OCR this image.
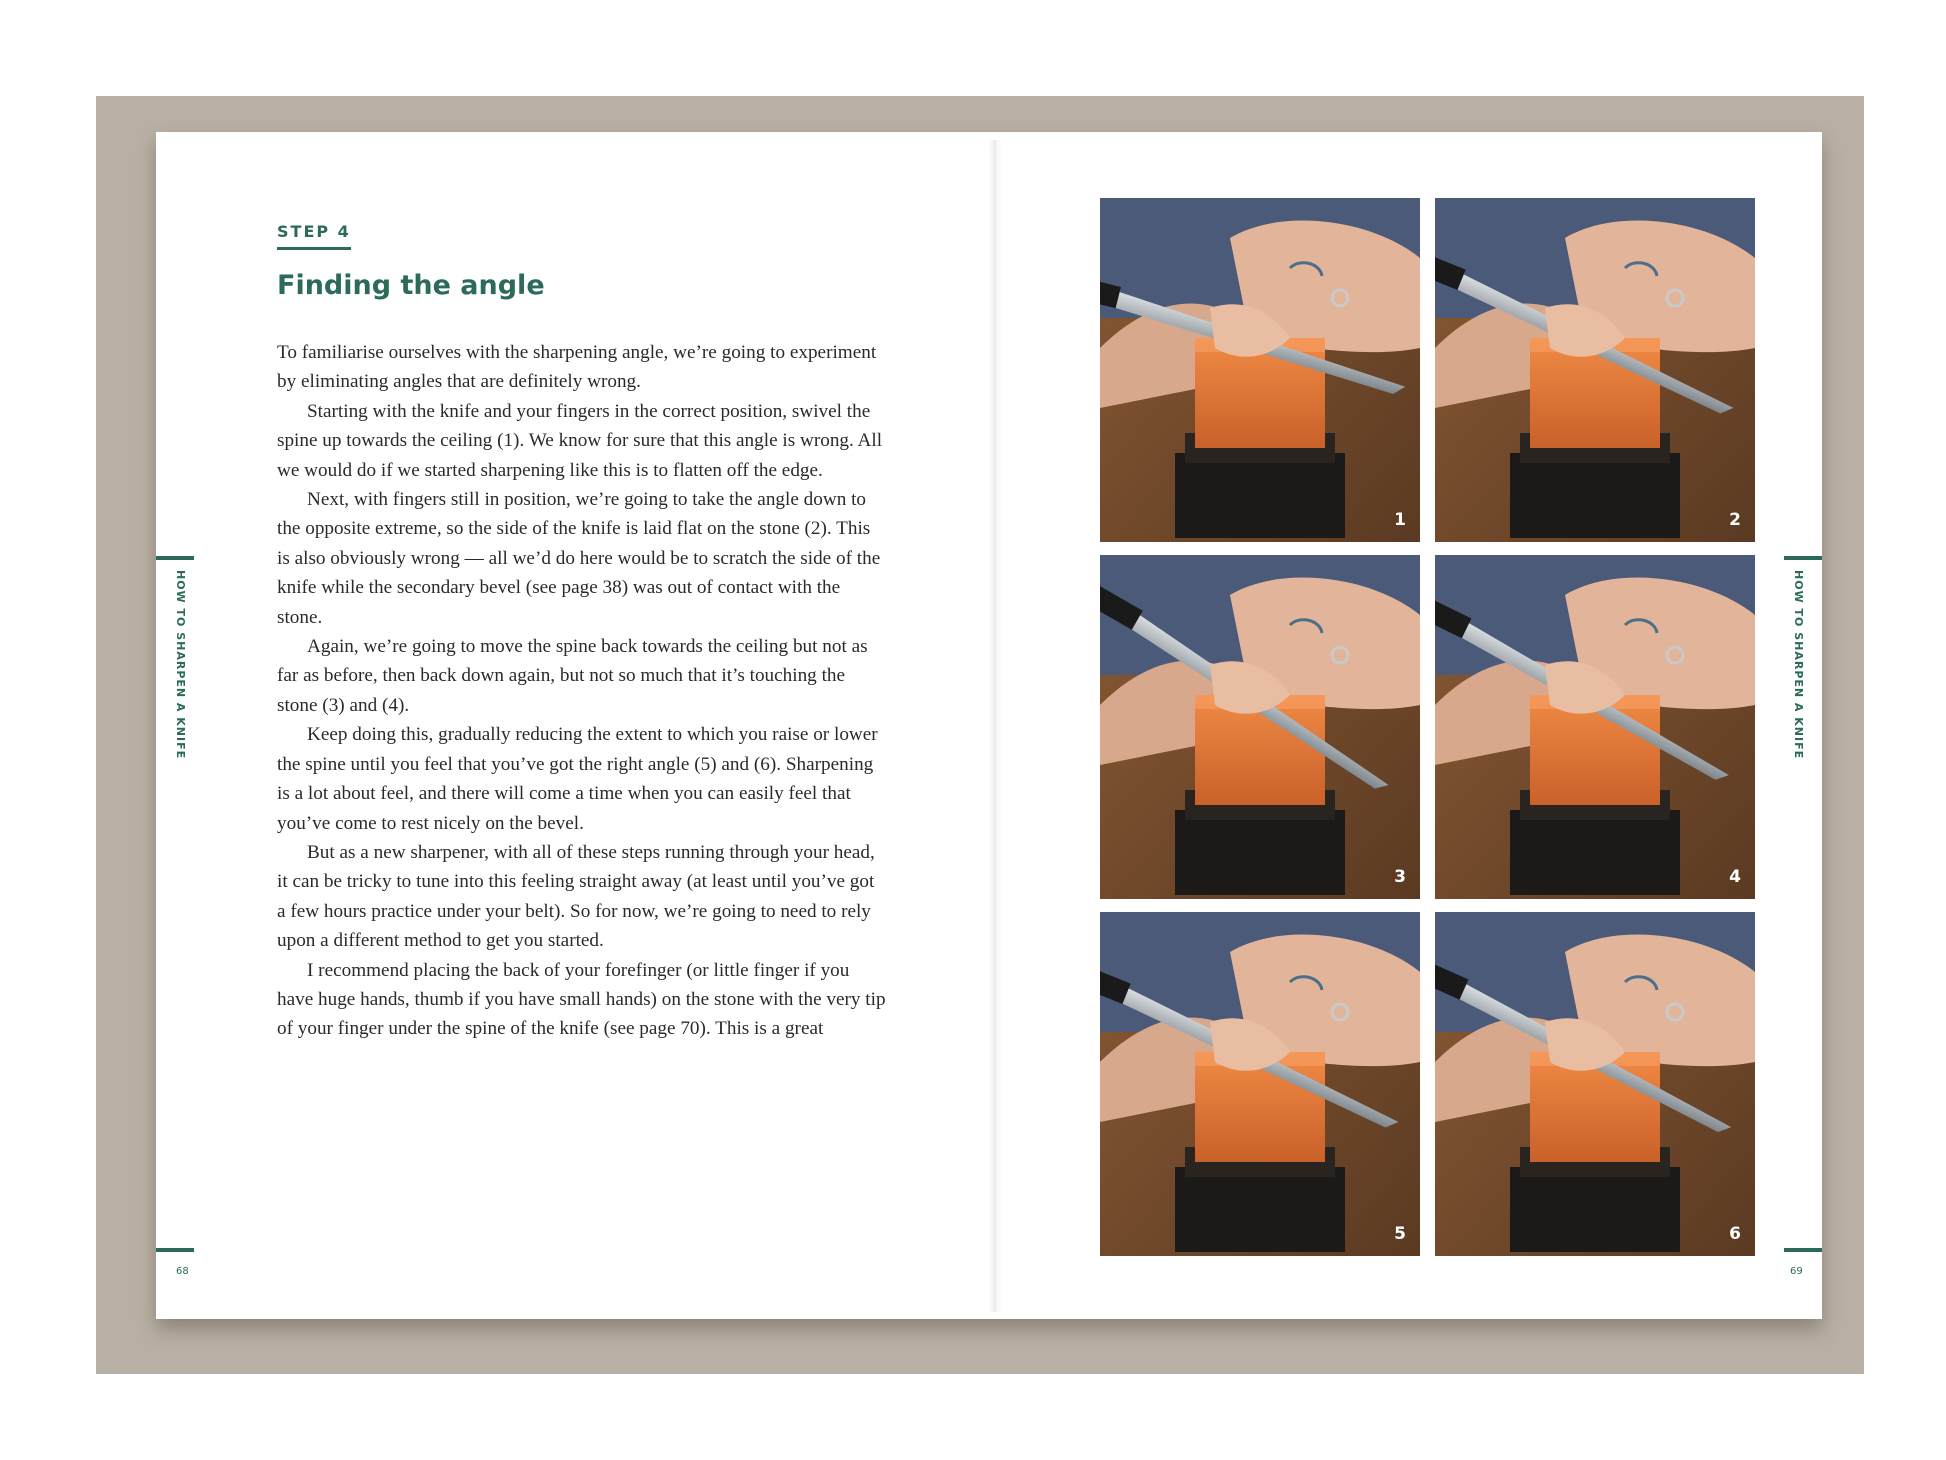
STEP 4
Finding the angle

To familiarise ourselves with the sharpening angle, we’re going to experiment by eliminating angles that are definitely wrong.

Starting with the knife and your fingers in the correct position, swivel the spine up towards the ceiling (1). We know for sure that this angle is wrong. All we would do if we started sharpening like this is to flatten off the edge.

Next, with fingers still in position, we’re going to take the angle down to the opposite extreme, so the side of the knife is laid flat on the stone (2). This is also obviously wrong — all we’d do here would be to scratch the side of the knife while the secondary bevel (see page 38) was out of contact with the stone.

Again, we’re going to move the spine back towards the ceiling but not as far as before, then back down again, but not so much that it’s touching the stone (3) and (4).

Keep doing this, gradually reducing the extent to which you raise or lower the spine until you feel that you’ve got the right angle (5) and (6). Sharpening is a lot about feel, and there will come a time when you can easily feel that you’ve come to rest nicely on the bevel.

But as a new sharpener, with all of these steps running through your head, it can be tricky to tune into this feeling straight away (at least until you’ve got a few hours practice under your belt). So for now, we’re going to need to rely upon a different method to get you started.

I recommend placing the back of your forefinger (or little finger if you have huge hands, thumb if you have small hands) on the stone with the very tip of your finger under the spine of the knife (see page 70). This is a great

HOW TO SHARPEN A KNIFE
68
1	2
3	4
5	6
HOW TO SHARPEN A KNIFE
69
